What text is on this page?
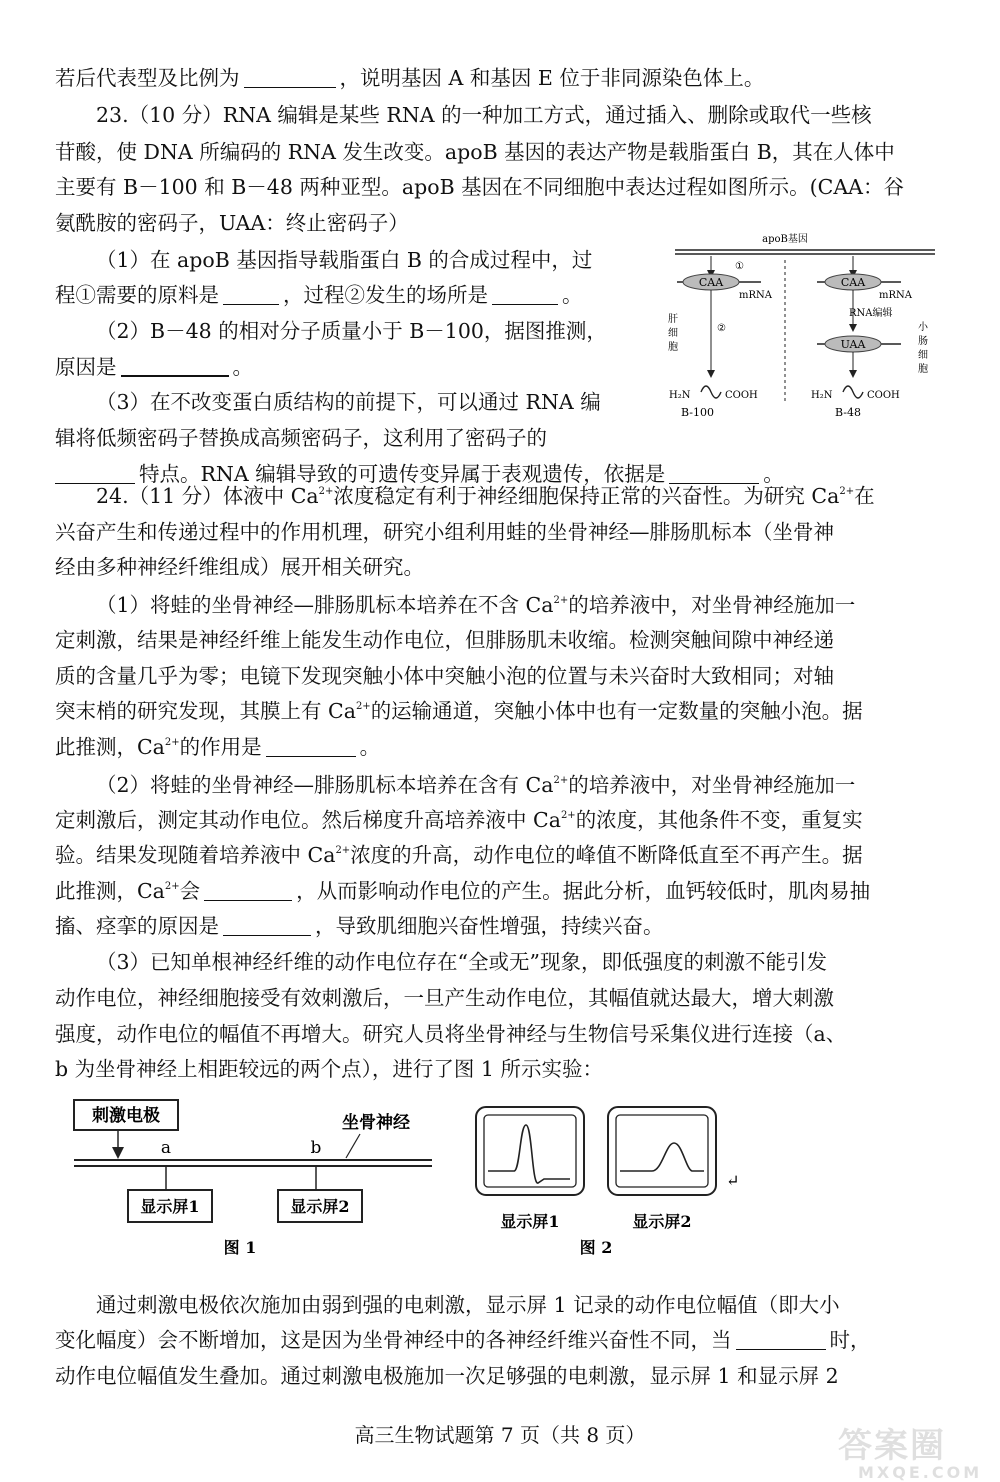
若后代表型及比例为	，说明基因 A 和基因 E 位于非同源染色体上。
23.（10 分）RNA 编辑是某些 RNA 的一种加工方式，通过插入、删除或取代一些核
苷酸，使 DNA 所编码的 RNA 发生改变。apoB 基因的表达产物是载脂蛋白 B，其在人体中
主要有 B－100 和 B－48 两种亚型。apoB 基因在不同细胞中表达过程如图所示。(CAA：谷
氨酰胺的密码子，UAA：终止密码子）
（1）在 apoB 基因指导载脂蛋白 B 的合成过程中，过
程①需要的原料是	，过程②发生的场所是	。
（2）B－48 的相对分子质量小于 B－100，据图推测，
原因是	。
（3）在不改变蛋白质结构的前提下，可以通过 RNA 编
辑将低频密码子替换成高频密码子，这利用了密码子的
特点。RNA 编辑导致的可遗传变异属于表观遗传，依据是	。
apoB基因
①
CAA
mRNA
CAA
mRNA
②
肝细胞
RNA编辑
UAA
小肠细胞
H₂N	COOH
B-100
H₂N	COOH
B-48
24.（11 分）体液中 $Ca^{2+}$浓度稳定有利于神经细胞保持正常的兴奋性。为研究 $Ca^{2+}$在
兴奋产生和传递过程中的作用机理，研究小组利用蛙的坐骨神经—腓肠肌标本（坐骨神
经由多种神经纤维组成）展开相关研究。
（1）将蛙的坐骨神经—腓肠肌标本培养在不含 $Ca^{2+}$的培养液中，对坐骨神经施加一
定刺激，结果是神经纤维上能发生动作电位，但腓肠肌未收缩。检测突触间隙中神经递
质的含量几乎为零；电镜下发现突触小体中突触小泡的位置与未兴奋时大致相同；对轴
突末梢的研究发现，其膜上有 $Ca^{2+}$的运输通道，突触小体中也有一定数量的突触小泡。据
此推测，$Ca^{2+}$的作用是	。
（2）将蛙的坐骨神经—腓肠肌标本培养在含有 $Ca^{2+}$的培养液中，对坐骨神经施加一
定刺激后，测定其动作电位。然后梯度升高培养液中 $Ca^{2+}$的浓度，其他条件不变，重复实
验。结果发现随着培养液中 $Ca^{2+}$浓度的升高，动作电位的峰值不断降低直至不再产生。据
此推测，$Ca^{2+}$会	，从而影响动作电位的产生。据此分析，血钙较低时，肌肉易抽
搐、痉挛的原因是	，导致肌细胞兴奋性增强，持续兴奋。
（3）已知单根神经纤维的动作电位存在“全或无”现象，即低强度的刺激不能引发
动作电位，神经细胞接受有效刺激后，一旦产生动作电位，其幅值就达最大，增大刺激
强度，动作电位的幅值不再增大。研究人员将坐骨神经与生物信号采集仪进行连接（a、
b 为坐骨神经上相距较远的两个点），进行了图 1 所示实验：
刺激电极	坐骨神经
a	b
显示屏1	显示屏2
图 1
↵
显示屏1	显示屏2
图 2
通过刺激电极依次施加由弱到强的电刺激，显示屏 1 记录的动作电位幅值（即大小
变化幅度）会不断增加，这是因为坐骨神经中的各神经纤维兴奋性不同，当	时，
动作电位幅值发生叠加。通过刺激电极施加一次足够强的电刺激，显示屏 1 和显示屏 2
高三生物试题第 7 页（共 8 页）	答案圈
MXQE.COM
